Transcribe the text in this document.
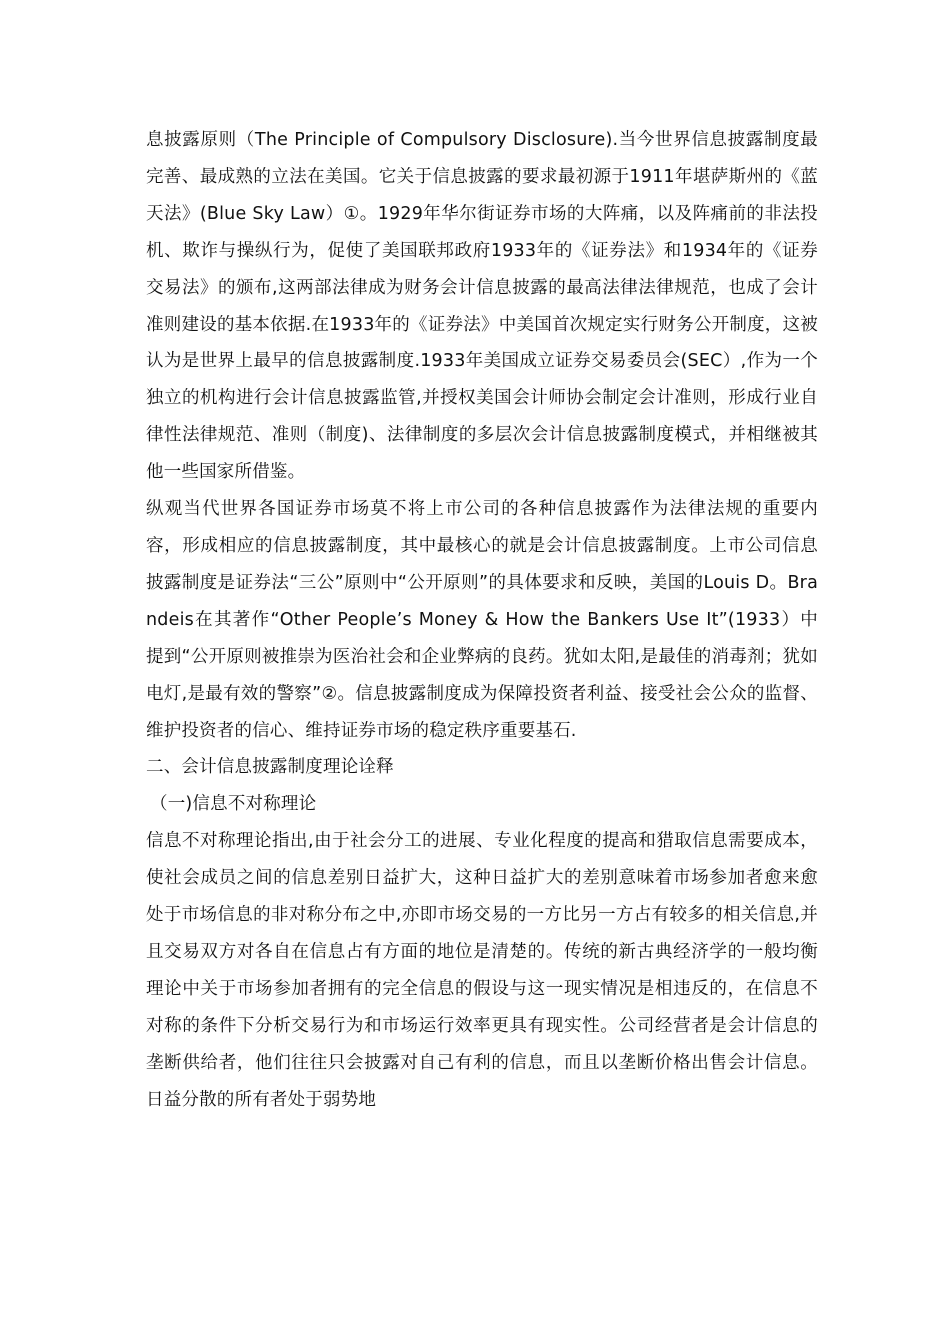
息披露原则（The Principle of Compulsory Disclosure).当今世界信息披露制度最完善、最成熟的立法在美国。它关于信息披露的要求最初源于1911年堪萨斯州的《蓝天法》(Blue Sky Law）①。1929年华尔街证券市场的大阵痛，以及阵痛前的非法投机、欺诈与操纵行为，促使了美国联邦政府1933年的《证券法》和1934年的《证券交易法》的颁布,这两部法律成为财务会计信息披露的最高法律法律规范，也成了会计准则建设的基本依据.在1933年的《证券法》中美国首次规定实行财务公开制度，这被认为是世界上最早的信息披露制度.1933年美国成立证券交易委员会(SEC）,作为一个独立的机构进行会计信息披露监管,并授权美国会计师协会制定会计准则，形成行业自律性法律规范、准则（制度)、法律制度的多层次会计信息披露制度模式，并相继被其他一些国家所借鉴。

纵观当代世界各国证券市场莫不将上市公司的各种信息披露作为法律法规的重要内容，形成相应的信息披露制度，其中最核心的就是会计信息披露制度。上市公司信息披露制度是证券法“三公”原则中“公开原则”的具体要求和反映，美国的Louis D。Brandeis在其著作“Other People’s Money & How the Bankers Use It”(1933）中提到“公开原则被推崇为医治社会和企业弊病的良药。犹如太阳,是最佳的消毒剂；犹如电灯,是最有效的警察”②。信息披露制度成为保障投资者利益、接受社会公众的监督、维护投资者的信心、维持证券市场的稳定秩序重要基石.

二、会计信息披露制度理论诠释

（一)信息不对称理论

信息不对称理论指出,由于社会分工的进展、专业化程度的提高和猎取信息需要成本，使社会成员之间的信息差别日益扩大，这种日益扩大的差别意味着市场参加者愈来愈处于市场信息的非对称分布之中,亦即市场交易的一方比另一方占有较多的相关信息,并且交易双方对各自在信息占有方面的地位是清楚的。传统的新古典经济学的一般均衡理论中关于市场参加者拥有的完全信息的假设与这一现实情况是相违反的，在信息不对称的条件下分析交易行为和市场运行效率更具有现实性。公司经营者是会计信息的垄断供给者，他们往往只会披露对自己有利的信息，而且以垄断价格出售会计信息。日益分散的所有者处于弱势地
